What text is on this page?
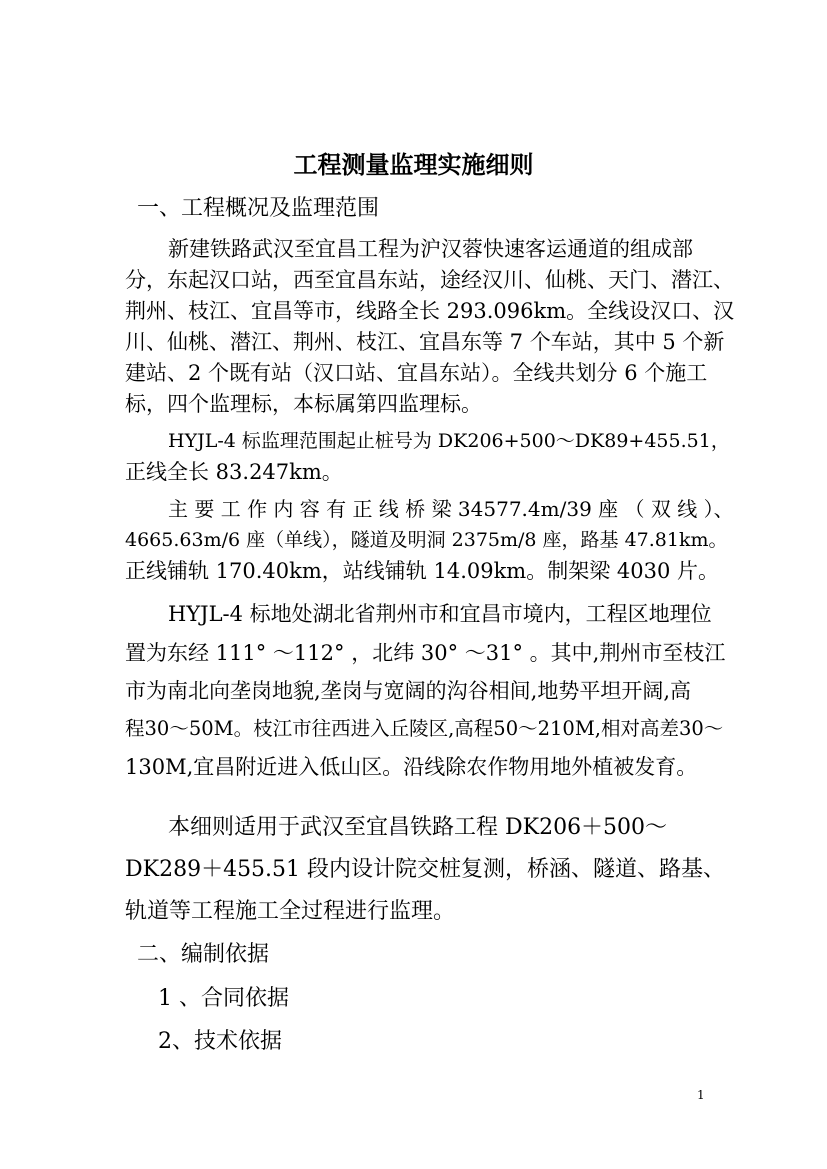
工程测量监理实施细则

一、工程概况及监理范围

新建铁路武汉至宜昌工程为沪汉蓉快速客运通道的组成部

分，东起汉口站，西至宜昌东站，途经汉川、仙桃、天门、潜江、

荆州、枝江、宜昌等市，线路全长 293.096km。全线设汉口、汉

川、仙桃、潜江、荆州、枝江、宜昌东等 7 个车站，其中 5 个新

建站、2 个既有站（汉口站、宜昌东站）。全线共划分 6 个施工

标，四个监理标，本标属第四监理标。

HYJL-4 标监理范围起止桩号为 DK206+500～DK89+455.51，

正线全长 83.247km。

主 要 工 作 内 容 有 正 线 桥 梁 34577.4m/39 座 （ 双 线 ）、

4665.63m/6 座（单线），隧道及明洞 2375m/8 座，路基 47.81km。

正线铺轨 170.40km，站线铺轨 14.09km。制架梁 4030 片。

HYJL-4 标地处湖北省荆州市和宜昌市境内，工程区地理位

置为东经 111° ～112° ，北纬 30° ～31° 。其中,荆州市至枝江

市为南北向垄岗地貌,垄岗与宽阔的沟谷相间,地势平坦开阔,高

程30～50M。枝江市往西进入丘陵区,高程50～210M,相对高差30～

130M,宜昌附近进入低山区。沿线除农作物用地外植被发育。

本细则适用于武汉至宜昌铁路工程 DK206＋500～

DK289＋455.51 段内设计院交桩复测，桥涵、隧道、路基、

轨道等工程施工全过程进行监理。

二、编制依据

1 、合同依据

2、技术依据

1
